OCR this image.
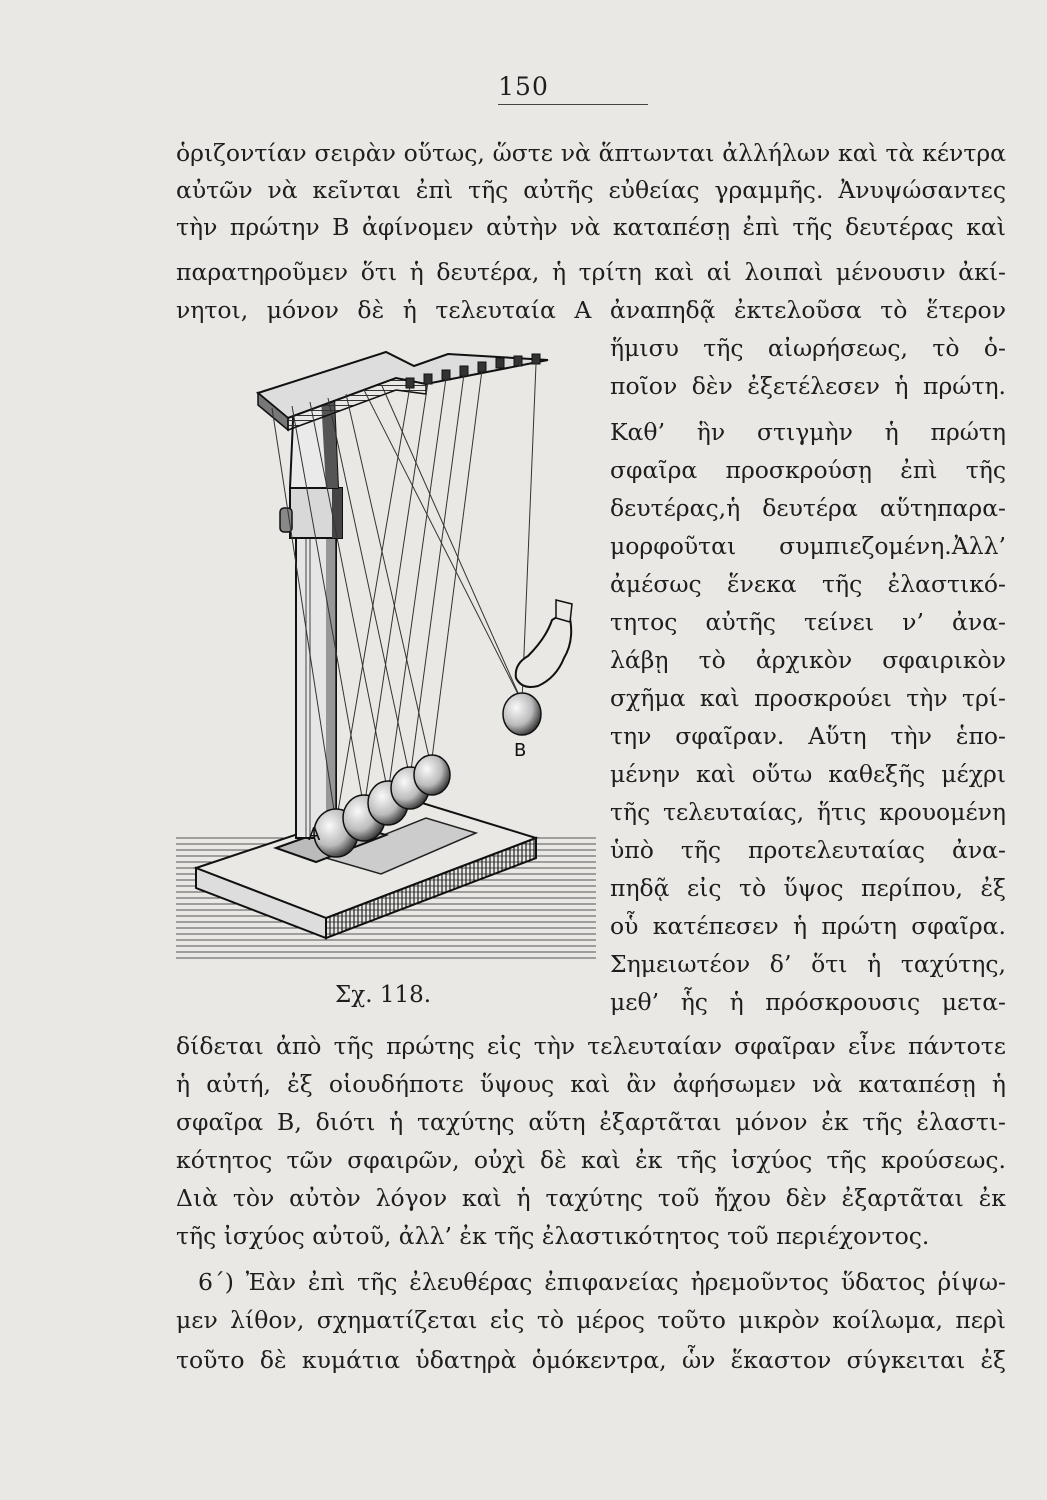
150
ὁριζοντίαν σειρὰν οὕτως, ὥστε νὰ ἅπτωνται ἀλλήλων καὶ τὰ κέντρα
αὐτῶν νὰ κεῖνται ἐπὶ τῆς αὐτῆς εὐθείας γραμμῆς. Ἀνυψώσαντες
τὴν πρώτην Β ἀφίνομεν αὐτὴν νὰ καταπέσῃ ἐπὶ τῆς δευτέρας καὶ
παρατηροῦμεν ὅτι ἡ δευτέρα, ἡ τρίτη καὶ αἱ λοιπαὶ μένουσιν ἀκί-
νητοι, μόνον δὲ ἡ τελευταία Α ἀναπηδᾷ ἐκτελοῦσα τὸ ἕτερον
ἥμισυ τῆς αἰωρήσεως, τὸ ὁ-
ποῖον δὲν ἐξετέλεσεν ἡ πρώτη.
Καθ’ ἣν στιγμὴν ἡ πρώτη
σφαῖρα προσκρούσῃ ἐπὶ τῆς
δευτέρας,ἡ δευτέρα αὕτηπαρα-
μορφοῦται συμπιεζομένη.Ἀλλ’
ἀμέσως ἕνεκα τῆς ἐλαστικό-
τητος αὐτῆς τείνει ν’ ἀνα-
λάβῃ τὸ ἀρχικὸν σφαιρικὸν
σχῆμα καὶ προσκρούει τὴν τρί-
την σφαῖραν. Αὕτη τὴν ἑπο-
μένην καὶ οὕτω καθεξῆς μέχρι
τῆς τελευταίας, ἥτις κρουομένη
ὑπὸ τῆς προτελευταίας ἀνα-
πηδᾷ εἰς τὸ ὕψος περίπου, ἐξ
οὗ κατέπεσεν ἡ πρώτη σφαῖρα.
Σημειωτέον δ’ ὅτι ἡ ταχύτης,
μεθ’ ἧς ἡ πρόσκρουσις μετα-
δίδεται ἀπὸ τῆς πρώτης εἰς τὴν τελευταίαν σφαῖραν εἶνε πάντοτε
ἡ αὐτή, ἐξ οἱουδήποτε ὕψους καὶ ἂν ἀφήσωμεν νὰ καταπέσῃ ἡ
σφαῖρα Β, διότι ἡ ταχύτης αὕτη ἐξαρτᾶται μόνον ἐκ τῆς ἐλαστι-
κότητος τῶν σφαιρῶν, οὐχὶ δὲ καὶ ἐκ τῆς ἰσχύος τῆς κρούσεως.
Διὰ τὸν αὐτὸν λόγον καὶ ἡ ταχύτης τοῦ ἤχου δὲν ἐξαρτᾶται ἐκ
τῆς ἰσχύος αὐτοῦ, ἀλλ’ ἐκ τῆς ἐλαστικότητος τοῦ περιέχοντος.
6΄) Ἐὰν ἐπὶ τῆς ἐλευθέρας ἐπιφανείας ἠρεμοῦντος ὕδατος ῥίψω-
μεν λίθον, σχηματίζεται εἰς τὸ μέρος τοῦτο μικρὸν κοίλωμα, περὶ
τοῦτο δὲ κυμάτια ὑδατηρὰ ὁμόκεντρα, ὧν ἕκαστον σύγκειται ἐξ
A
B
Σχ. 118.
